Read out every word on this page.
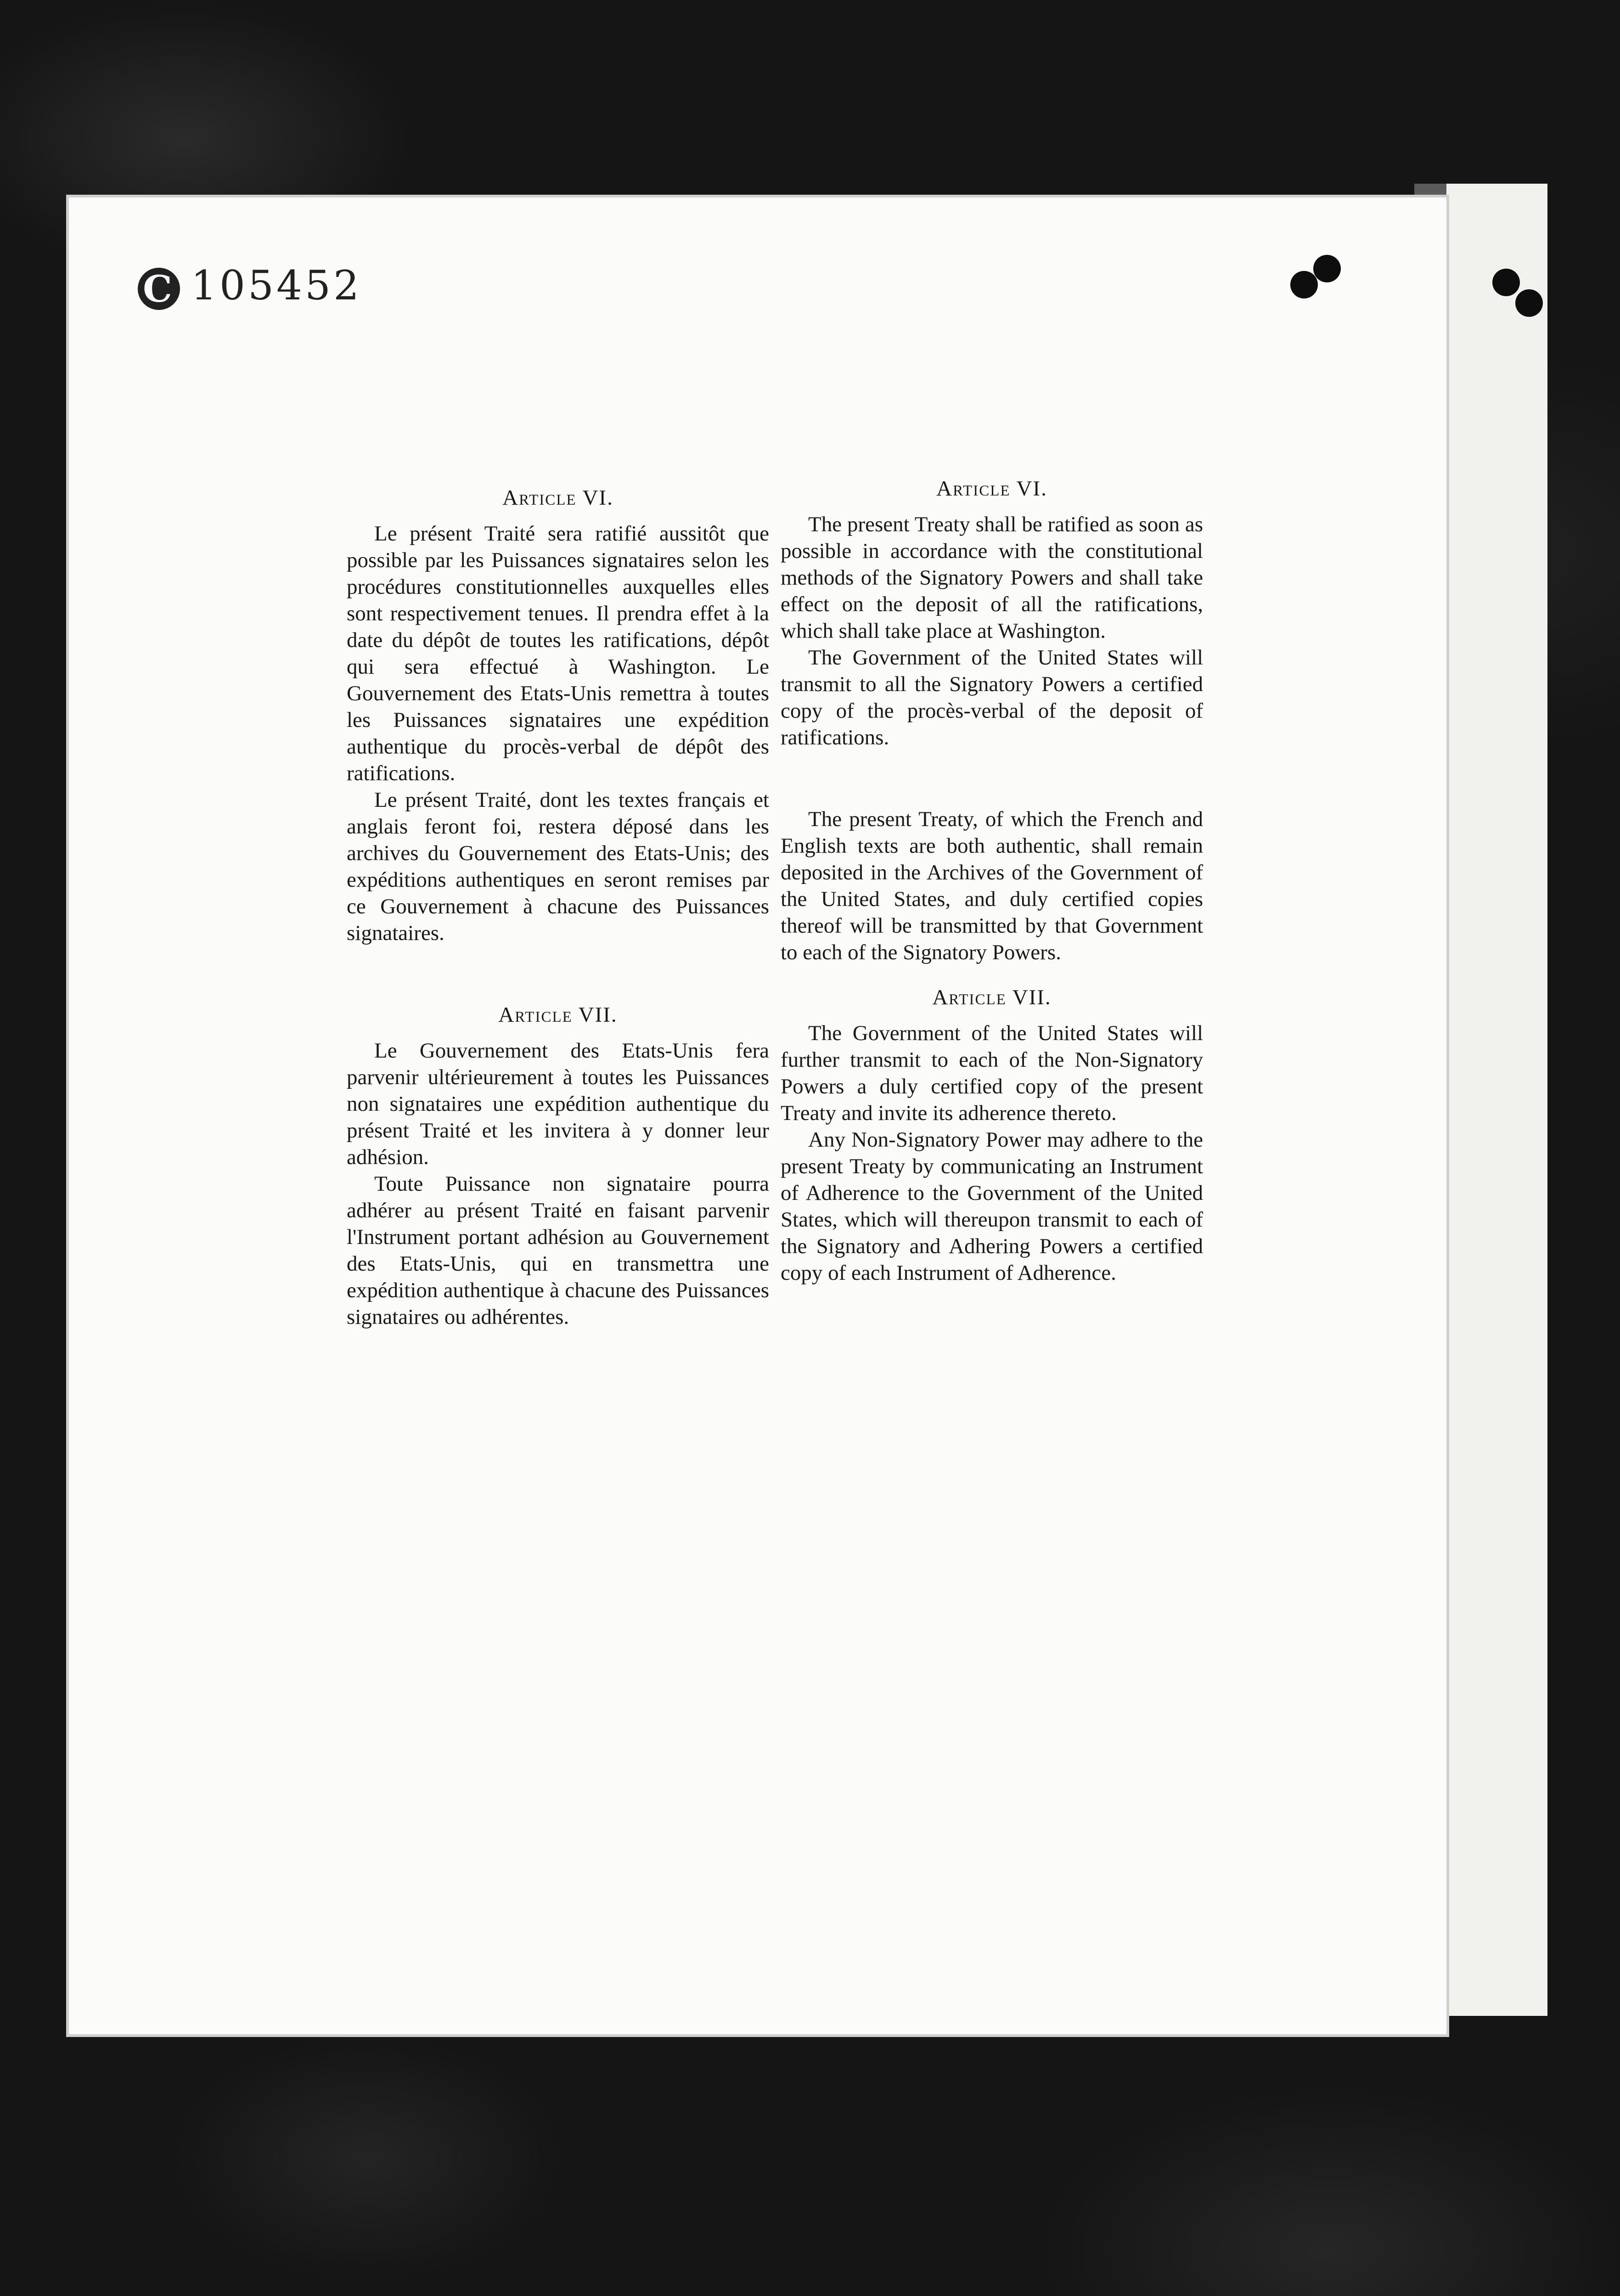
C 105452
Article VI.

Le présent Traité sera ratifié aussitôt que possible par les Puissances signataires selon les procédures constitutionnelles auxquelles elles sont respectivement tenues. Il prendra effet à la date du dépôt de toutes les ratifications, dépôt qui sera effectué à Washington. Le Gouvernement des Etats-Unis remettra à toutes les Puissances signataires une expédition authentique du procès-verbal de dépôt des ratifications.

Le présent Traité, dont les textes français et anglais feront foi, restera déposé dans les archives du Gouvernement des Etats-Unis; des expéditions authentiques en seront remises par ce Gouvernement à chacune des Puissances signataires.

Article VII.

Le Gouvernement des Etats-Unis fera parvenir ultérieurement à toutes les Puissances non signataires une expédition authentique du présent Traité et les invitera à y donner leur adhésion.

Toute Puissance non signataire pourra adhérer au présent Traité en faisant parvenir l'Instrument portant adhésion au Gouvernement des Etats-Unis, qui en transmettra une expédition authentique à chacune des Puissances signataires ou adhérentes.

Article VI.

The present Treaty shall be ratified as soon as possible in accordance with the constitutional methods of the Signatory Powers and shall take effect on the deposit of all the ratifications, which shall take place at Washington.

The Government of the United States will transmit to all the Signatory Powers a certified copy of the procès-verbal of the deposit of ratifications.

The present Treaty, of which the French and English texts are both authentic, shall remain deposited in the Archives of the Government of the United States, and duly certified copies thereof will be transmitted by that Government to each of the Signatory Powers.

Article VII.

The Government of the United States will further transmit to each of the Non-Signatory Powers a duly certified copy of the present Treaty and invite its adherence thereto.

Any Non-Signatory Power may adhere to the present Treaty by communicating an Instrument of Adherence to the Government of the United States, which will thereupon transmit to each of the Signatory and Adhering Powers a certified copy of each Instrument of Adherence.
